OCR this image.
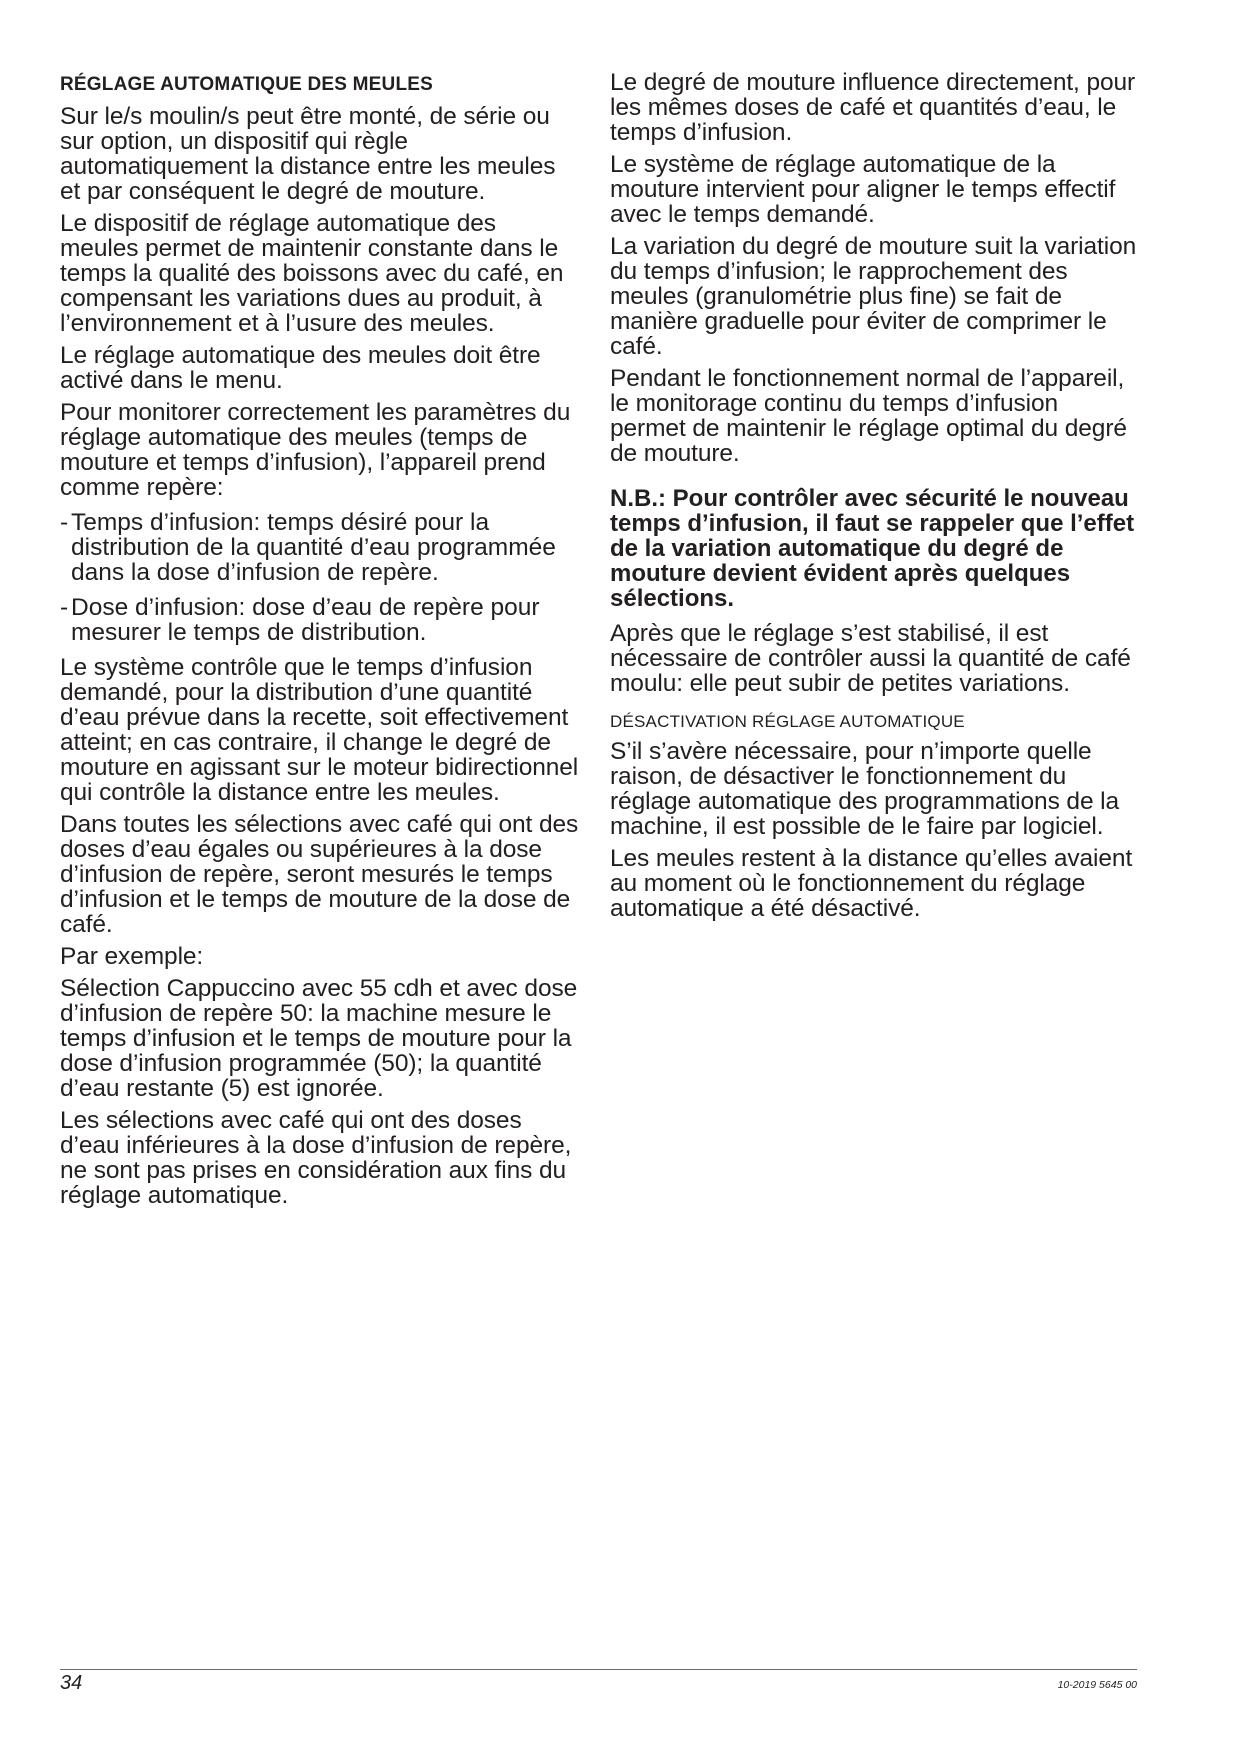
RÉGLAGE AUTOMATIQUE DES MEULES

Sur le/s moulin/s peut être monté, de série ou sur option, un dispositif qui règle automatiquement la distance entre les meules et par conséquent le degré de mouture.

Le dispositif de réglage automatique des meules permet de maintenir constante dans le temps la qualité des boissons avec du café, en compensant les variations dues au produit, à l’environnement et à l’usure des meules.

Le réglage automatique des meules doit être activé dans le menu.

Pour monitorer correctement les paramètres du réglage automatique des meules (temps de mouture et temps d’infusion), l’appareil prend comme repère:

- Temps d’infusion: temps désiré pour la distribution de la quantité d’eau programmée dans la dose d’infusion de repère.
- Dose d’infusion: dose d’eau de repère pour mesurer le temps de distribution.

Le système contrôle que le temps d’infusion demandé, pour la distribution d’une quantité d’eau prévue dans la recette, soit effectivement atteint; en cas contraire, il change le degré de mouture en agissant sur le moteur bidirectionnel qui contrôle la distance entre les meules.

Dans toutes les sélections avec café qui ont des doses d’eau égales ou supérieures à la dose d’infusion de repère, seront mesurés le temps d’infusion et le temps de mouture de la dose de café.

Par exemple:

Sélection Cappuccino avec 55 cdh et avec dose d’infusion de repère 50: la machine mesure le temps d’infusion et le temps de mouture pour la dose d’infusion programmée (50); la quantité d’eau restante (5) est ignorée.

Les sélections avec café qui ont des doses d’eau inférieures à la dose d’infusion de repère, ne sont pas prises en considération aux fins du réglage automatique.

Le degré de mouture influence directement, pour les mêmes doses de café et quantités d’eau, le temps d’infusion.

Le système de réglage automatique de la mouture intervient pour aligner le temps effectif avec le temps demandé.

La variation du degré de mouture suit la variation du temps d’infusion; le rapprochement des meules (granulométrie plus fine) se fait de manière graduelle pour éviter de comprimer le café.

Pendant le fonctionnement normal de l’appareil, le monitorage continu du temps d’infusion permet de maintenir le réglage optimal du degré de mouture.

N.B.: Pour contrôler avec sécurité le nouveau temps d’infusion, il faut se rappeler que l’effet de la variation automatique du degré de mouture devient évident après quelques sélections.

Après que le réglage s’est stabilisé, il est nécessaire de contrôler aussi la quantité de café moulu: elle peut subir de petites variations.

DÉSACTIVATION RÉGLAGE AUTOMATIQUE

S’il s’avère nécessaire, pour n’importe quelle raison, de désactiver le fonctionnement du réglage automatique des programmations de la machine, il est possible de le faire par logiciel.

Les meules restent à la distance qu’elles avaient au moment où le fonctionnement du réglage automatique a été désactivé.

34	10-2019 5645 00
